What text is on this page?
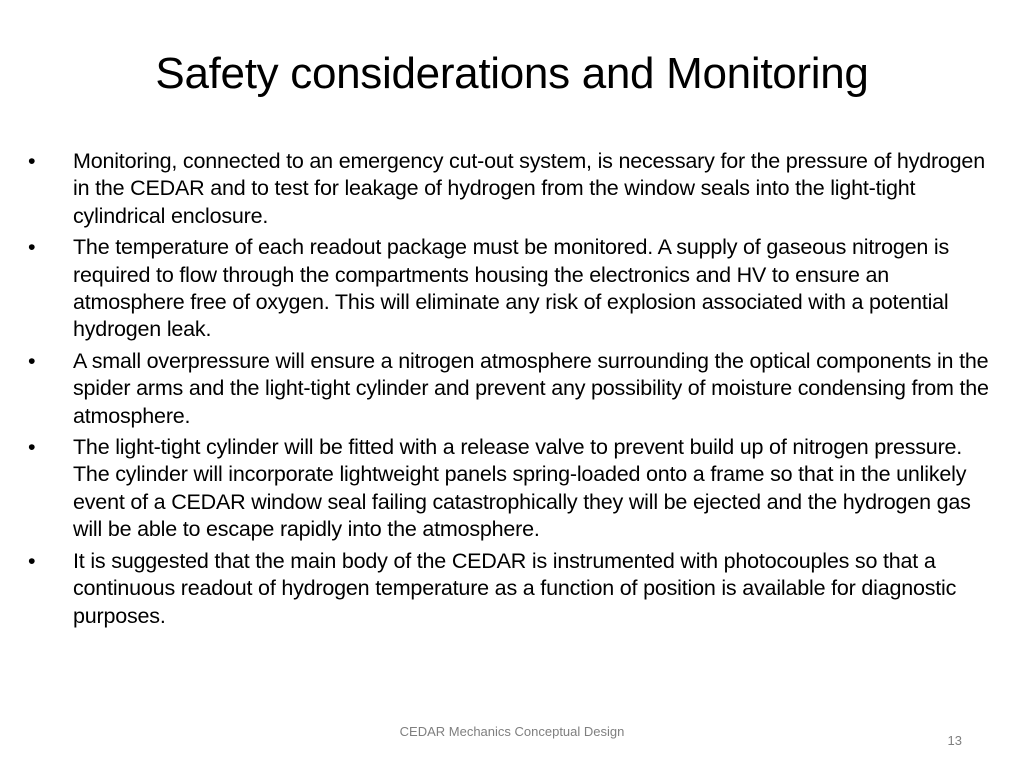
Safety considerations and Monitoring
•	Monitoring, connected to an emergency cut-out system, is necessary for the pressure of hydrogen in the CEDAR and to test for leakage of hydrogen from the window seals into the light-tight cylindrical enclosure.
•	The temperature of each readout package must be monitored. A supply of gaseous nitrogen is required to flow through the compartments housing the electronics and HV to ensure an atmosphere free of oxygen. This will eliminate any risk of explosion associated with a potential hydrogen leak.
•	A small overpressure will ensure a nitrogen atmosphere surrounding the optical components in the spider arms and the light-tight cylinder and prevent any possibility of moisture condensing from the atmosphere.
•	The light-tight cylinder will be fitted with a release valve to prevent build up of nitrogen pressure. The cylinder will incorporate lightweight panels spring-loaded onto a frame so that in the unlikely event of a CEDAR window seal failing catastrophically they will be ejected and the hydrogen gas will be able to escape rapidly into the atmosphere.
•	It is suggested that the main body of the CEDAR is instrumented with photocouples so that a continuous readout of hydrogen temperature as a function of position is available for diagnostic purposes.
CEDAR Mechanics Conceptual Design
13
